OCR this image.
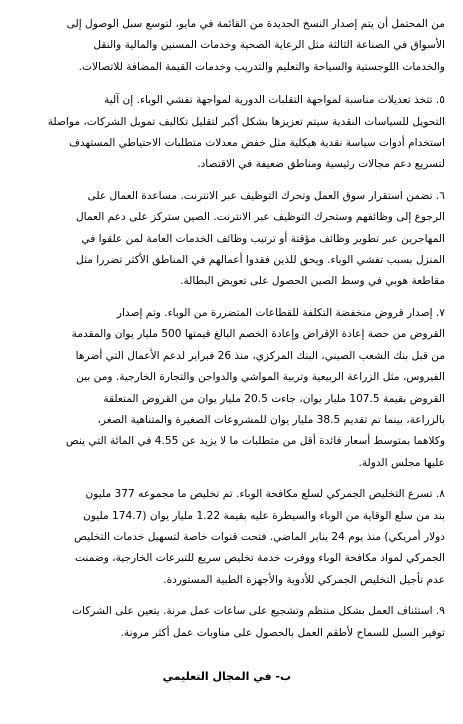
من المحتمل أن يتم إصدار النسخ الجديدة من القائمة في مايو، لتوسع سبل الوصول إلى
الأسواق في الصناعة الثالثة مثل الرعاية الصحية وخدمات المسنين والمالية والنقل
والخدمات اللوجستية والسياحة والتعليم والتدريب وخدمات القيمة المضافة للاتصالات.

٥. تتخذ تعديلات مناسبة لمواجهة التقلبات الدورية لمواجهة تفشي الوباء. إن آلية
التحويل للسياسات النقدية سيتم تعزيزها بشكل أكبر لتقليل تكاليف تمويل الشركات، مواصلة
استخدام أدوات سياسة نقدية هيكلية مثل خفض معدلات متطلبات الاحتياطي المستهدف
لتسريع دعم مجالات رئيسية ومناطق ضعيفة في الاقتصاد.

٦. تضمن استقرار سوق العمل وتحرك التوظيف عبر الانترنت. مساعدة العمال على
الرجوع إلى وظائفهم وستحرك التوظيف عبر الانترنت. الصين ستركز على دعم العمال
المهاجرين عبر تطوير وظائف مؤقتة أو ترتيب وظائف الخدمات العامة لمن علقوا في
المنزل بسبب تفشي الوباء. ويحق للذين فقدوا أعمالهم في المناطق الأكثر تضررا مثل
مقاطعة هوبي في وسط الصين الحصول على تعويض البطالة.

٧. إصدار قروض منخفضة التكلفة للقطاعات المتضررة من الوباء. وتم إصدار
القروض من حصة إعادة الإقراض وإعادة الخصم البالغ قيمتها 500 مليار يوان والمقدمة
من قبل بنك الشعب الصيني، البنك المركزي، منذ 26 فبراير لدعم الأعمال التي أضرها
الفيروس، مثل الزراعة الربيعية وتربية المواشي والدواجن والتجارة الخارجية. ومن بين
القروض بقيمة 107.5 مليار يوان، جاءت 20.5 مليار يوان من القروض المتعلقة
بالزراعة، بينما تم تقديم 38.5 مليار يوان للمشروعات الصغيرة والمتناهية الصغر،
وكلاهما بمتوسط أسعار فائدة أقل من متطلبات ما لا يزيد عن 4.55 في المائة التي ينص
عليها مجلس الدولة.

٨. تسرع التخليص الجمركي لسلع مكافحة الوباء. تم تخليص ما مجموعه 377 مليون
بند من سلع الوقاية من الوباء والسيطرة عليه بقيمة 1.22 مليار يوان (174.7 مليون
دولار أمريكي) منذ يوم 24 يناير الماضي. فتحت قنوات خاصة لتسهيل خدمات التخليص
الجمركي لمواد مكافحة الوباء ووفرت خدمة تخليص سريع للتبرعات الخارجية، وضمنت
عدم تأجيل التخليص الجمركي للأدوية والأجهزة الطبية المستوردة.

٩. استئناف العمل بشكل منتظم وتشجيع على ساعات عمل مرنة. يتعين على الشركات
توفير السبل للسماح لأطقم العمل بالحصول على مناوبات عمل أكثر مرونة.

ب- في المجال التعليمي
